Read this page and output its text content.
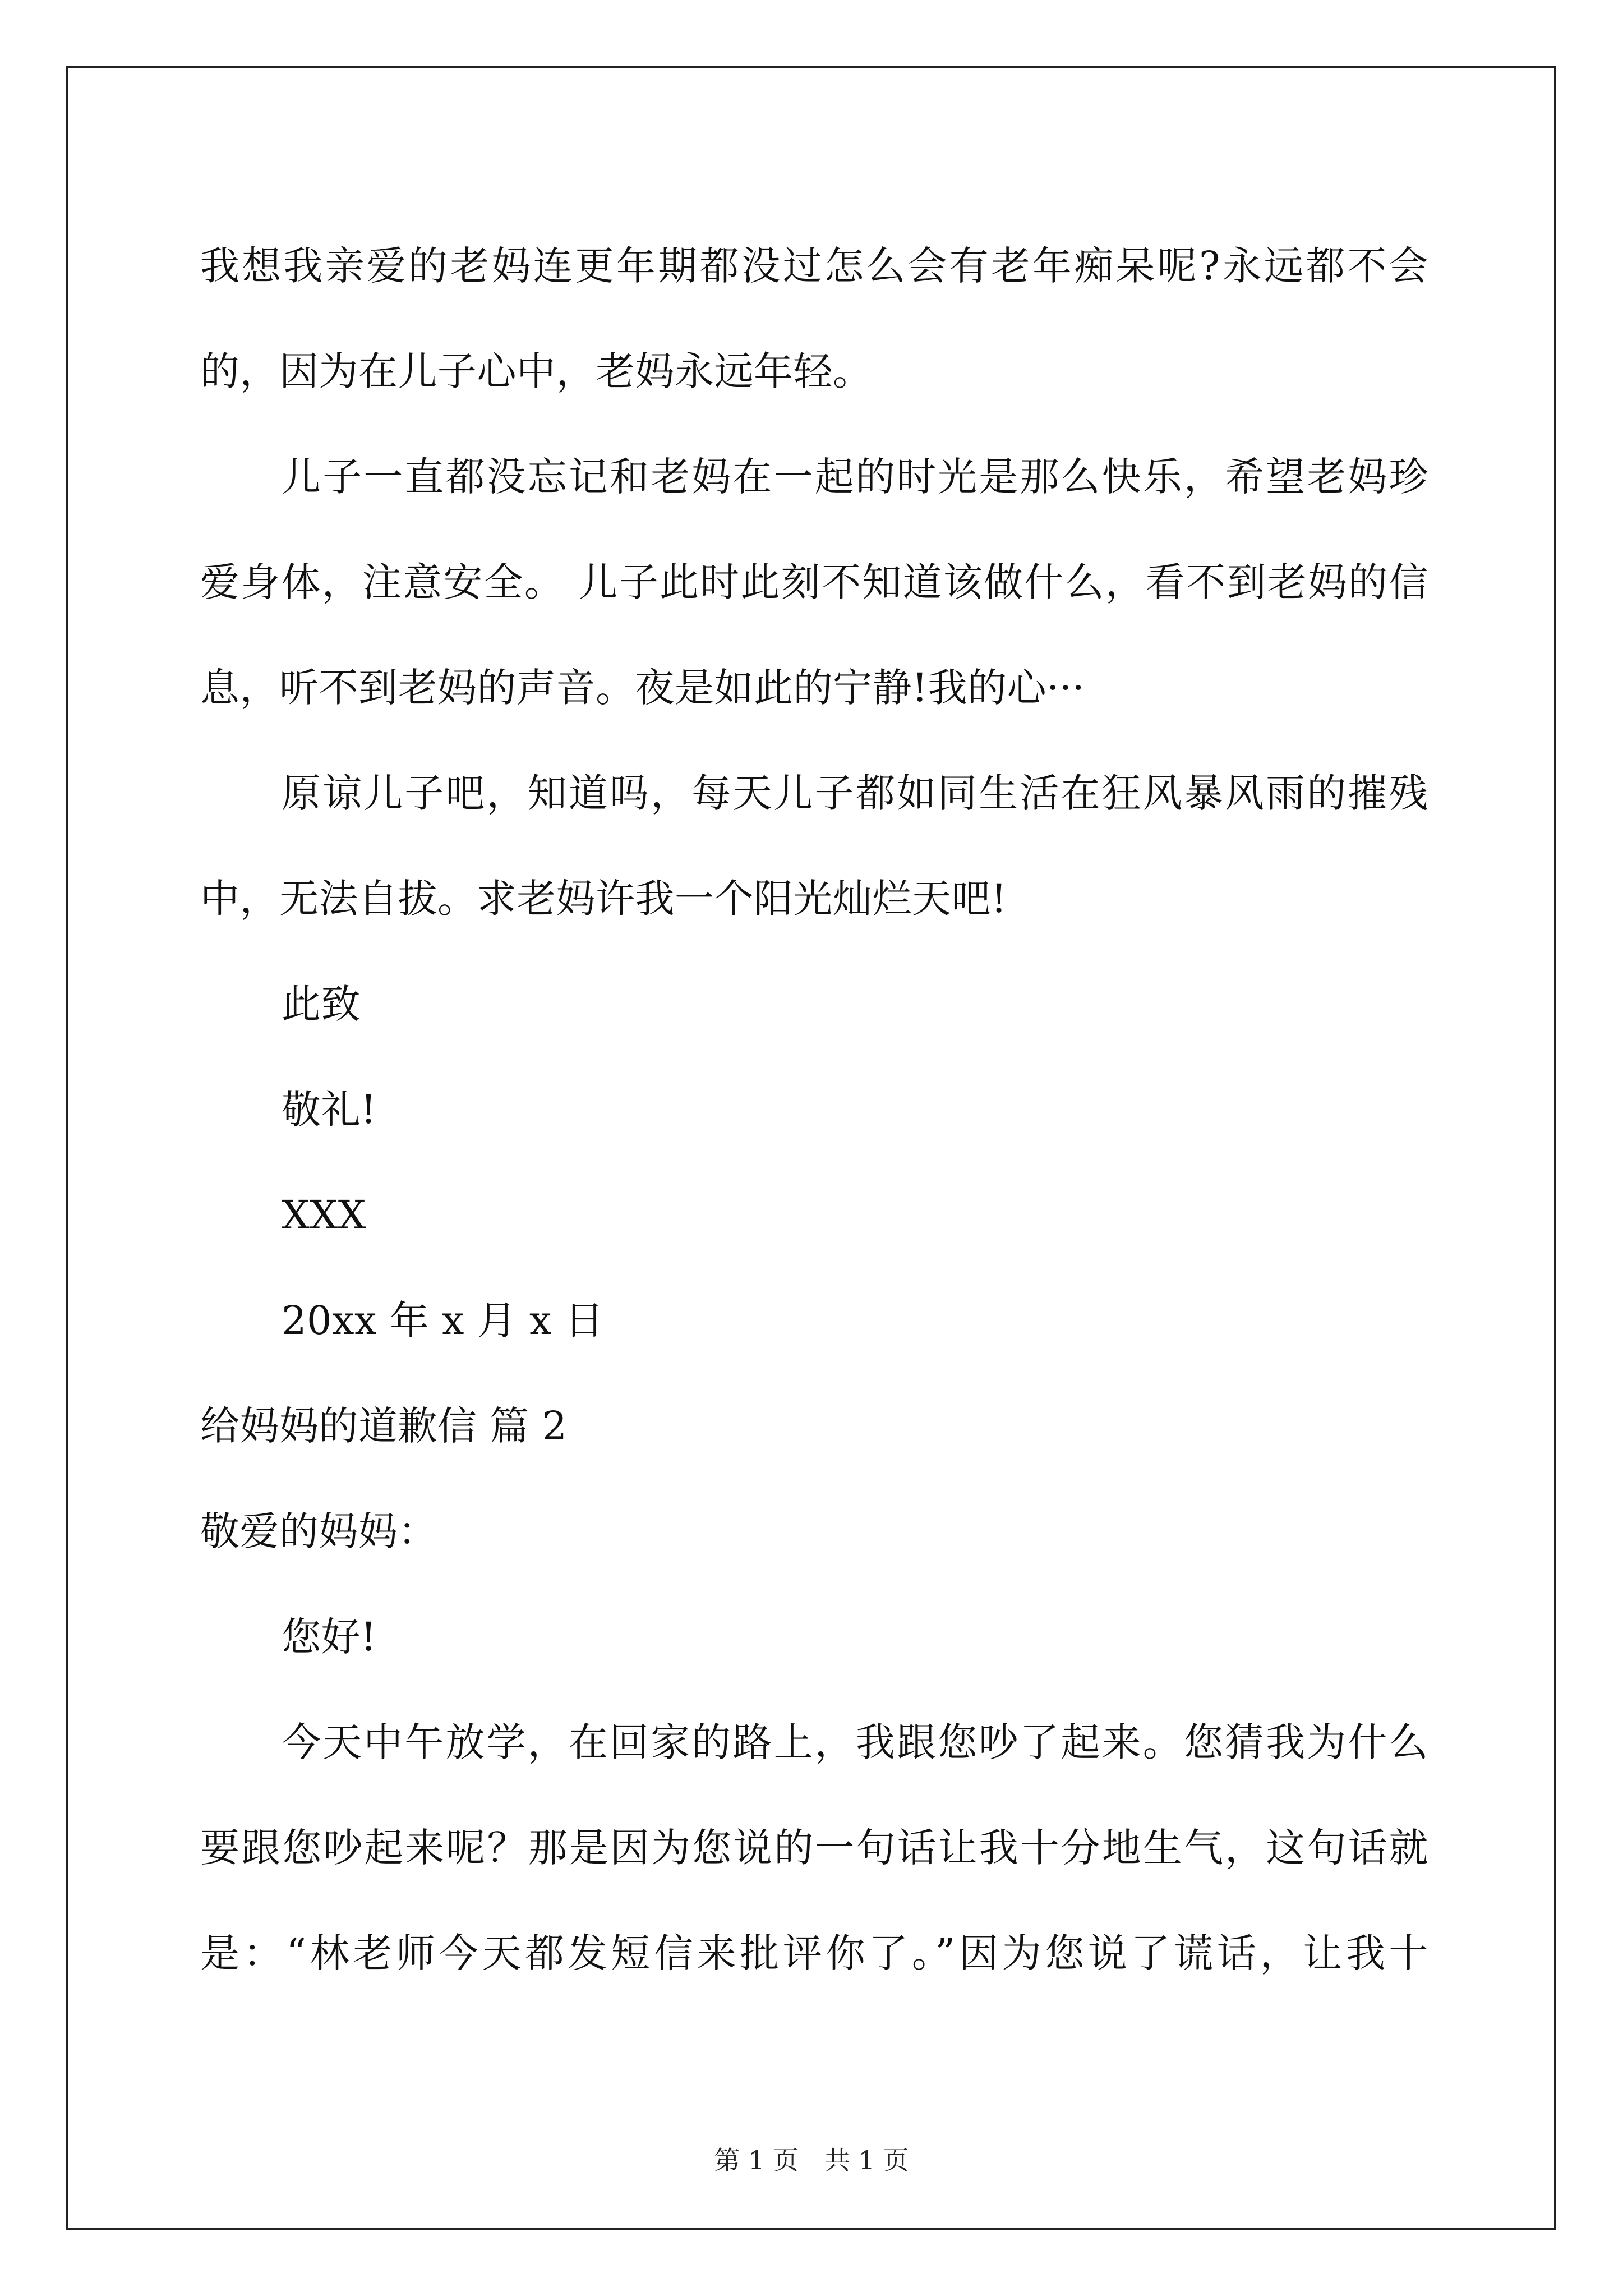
我想我亲爱的老妈连更年期都没过怎么会有老年痴呆呢?永远都不会
的，因为在儿子心中，老妈永远年轻。
儿子一直都没忘记和老妈在一起的时光是那么快乐，希望老妈珍
爱身体，注意安全。 儿子此时此刻不知道该做什么，看不到老妈的信
息，听不到老妈的声音。夜是如此的宁静!我的心···
原谅儿子吧，知道吗，每天儿子都如同生活在狂风暴风雨的摧残
中，无法自拔。求老妈许我一个阳光灿烂天吧!
此致
敬礼!
XXX
20xx 年 x 月 x 日
给妈妈的道歉信 篇 2
敬爱的妈妈：
您好!
今天中午放学，在回家的路上，我跟您吵了起来。您猜我为什么
要跟您吵起来呢？那是因为您说的一句话让我十分地生气，这句话就
是：“林老师今天都发短信来批评你了。”因为您说了谎话，让我十
第 1 页　共 1 页
